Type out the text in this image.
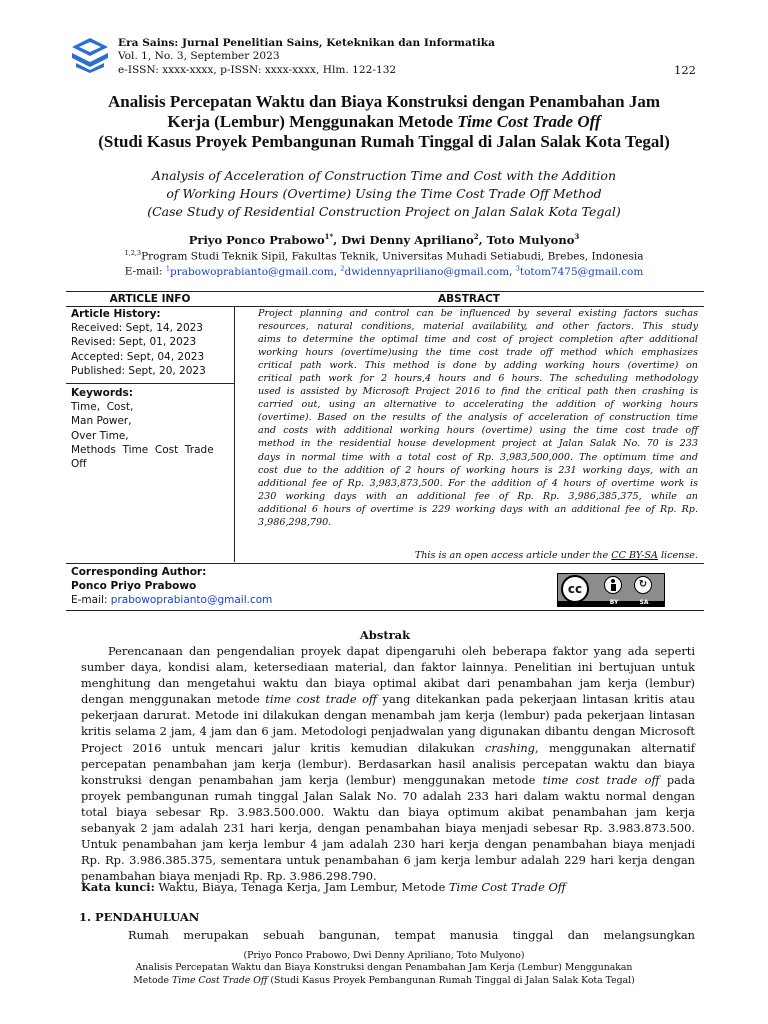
Era Sains: Jurnal Penelitian Sains, Keteknikan dan Informatika
Vol. 1, No. 3, September 2023
e-ISSN: xxxx-xxxx, p-ISSN: xxxx-xxxx, Hlm. 122-132	122
Analisis Percepatan Waktu dan Biaya Konstruksi dengan Penambahan Jam
Kerja (Lembur) Menggunakan Metode Time Cost Trade Off
(Studi Kasus Proyek Pembangunan Rumah Tinggal di Jalan Salak Kota Tegal)
Analysis of Acceleration of Construction Time and Cost with the Addition
of Working Hours (Overtime) Using the Time Cost Trade Off Method
(Case Study of Residential Construction Project on Jalan Salak Kota Tegal)
Priyo Ponco Prabowo$^{1*}$, Dwi Denny Apriliano$^2$, Toto Mulyono$^3$
$^{1,2,3}$Program Studi Teknik Sipil, Fakultas Teknik, Universitas Muhadi Setiabudi, Brebes, Indonesia
E-mail: $^1$prabowoprabianto@gmail.com, $^2$dwidennyapriliano@gmail.com, $^3$totom7475@gmail.com
ARTICLE INFO	ABSTRACT
Article History:
Received: Sept, 14, 2023
Revised: Sept, 01, 2023
Accepted: Sept, 04, 2023
Published: Sept, 20, 2023
Keywords:
Time,  Cost,
Man Power,
Over Time,
Methods  Time  Cost  Trade
Off
Project planning and control can be influenced by several existing factors suchas
resources, natural conditions, material availability, and other factors. This study
aims to determine the optimal time and cost of project completion after additional
working hours (overtime)using the time cost trade off method which emphasizes
critical path work. This method is done by adding working hours (overtime) on
critical path work for 2 hours,4 hours and 6 hours. The scheduling methodology
used is assisted by Microsoft Project 2016 to find the critical path then crashing is
carried out, using an alternative to accelerating the addition of working hours
(overtime). Based on the results of the analysis of acceleration of construction time
and costs with additional working hours (overtime) using the time cost trade off
method in the residential house development project at Jalan Salak No. 70 is 233
days in normal time with a total cost of Rp. 3,983,500,000. The optimum time and
cost due to the addition of 2 hours of working hours is 231 working days, with an
additional fee of Rp. 3,983,873,500. For the addition of 4 hours of overtime work is
230 working days with an additional fee of Rp. Rp. 3,986,385,375, while an
additional 6 hours of overtime is 229 working days with an additional fee of Rp. Rp.
3,986,298,790.
This is an open access article under the CC BY-SA license.
Corresponding Author:
Ponco Priyo Prabowo
E-mail: prabowoprabianto@gmail.com
cc	↻
BY	SA
Abstrak
Perencanaan dan pengendalian proyek dapat dipengaruhi oleh beberapa faktor yang ada seperti
sumber daya, kondisi alam, ketersediaan material, dan faktor lainnya. Penelitian ini bertujuan untuk
menghitung dan mengetahui waktu dan biaya optimal akibat dari penambahan jam kerja (lembur)
dengan menggunakan metode time cost trade off yang ditekankan pada pekerjaan lintasan kritis atau
pekerjaan darurat. Metode ini dilakukan dengan menambah jam kerja (lembur) pada pekerjaan lintasan
kritis selama 2 jam, 4 jam dan 6 jam. Metodologi penjadwalan yang digunakan dibantu dengan Microsoft
Project 2016 untuk mencari jalur kritis kemudian dilakukan crashing, menggunakan alternatif
percepatan penambahan jam kerja (lembur). Berdasarkan hasil analisis percepatan waktu dan biaya
konstruksi dengan penambahan jam kerja (lembur) menggunakan metode time cost trade off pada
proyek pembangunan rumah tinggal Jalan Salak No. 70 adalah 233 hari dalam waktu normal dengan
total biaya sebesar Rp. 3.983.500.000. Waktu dan biaya optimum akibat penambahan jam kerja
sebanyak 2 jam adalah 231 hari kerja, dengan penambahan biaya menjadi sebesar Rp. 3.983.873.500.
Untuk penambahan jam kerja lembur 4 jam adalah 230 hari kerja dengan penambahan biaya menjadi
Rp. Rp. 3.986.385.375, sementara untuk penambahan 6 jam kerja lembur adalah 229 hari kerja dengan
penambahan biaya menjadi Rp. Rp. 3.986.298.790.
Kata kunci: Waktu, Biaya, Tenaga Kerja, Jam Lembur, Metode Time Cost Trade Off
1. PENDAHULUAN
Rumah merupakan sebuah bangunan, tempat manusia tinggal dan melangsungkan
(Priyo Ponco Prabowo, Dwi Denny Apriliano, Toto Mulyono)
Analisis Percepatan Waktu dan Biaya Konstruksi dengan Penambahan Jam Kerja (Lembur) Menggunakan
Metode Time Cost Trade Off (Studi Kasus Proyek Pembangunan Rumah Tinggal di Jalan Salak Kota Tegal)
